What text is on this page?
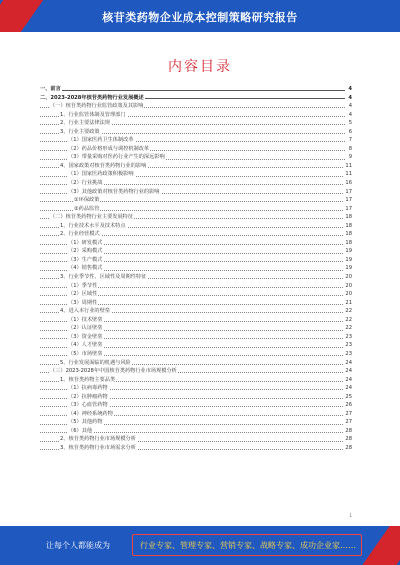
核苷类药物企业成本控制策略研究报告
内容目录
一、前言	4
二、2023-2028年核苷类药物行业发展概述	4
（一）核苷类药物行业监管政策及其影响	4
1、行业监管体制及管理部门	4
2、行业主要法律法规	5
3、行业主要政策	6
（1）国家医药卫生体制改革	7
（2）药品价格形成与调控机制改革	8
（3）带量采购对医药行业产生的深远影响	9
4、国家政策对核苷类药物行业的影响	11
（1）国家医药政策积极影响	11
（2）行业挑战	16
（3）其他政策对核苷类药物行业的影响	17
①环保政策	17
②药品监管	17
（二）核苷类药物行业主要发展特征	18
1、行业技术水平及技术特点	18
2、行业经营模式	18
（1）研发模式	18
（2）采购模式	19
（3）生产模式	19
（4）销售模式	19
3、行业季节性、区域性及周期性特征	20
（1）季节性	20
（2）区域性	20
（3）周期性	21
4、进入本行业的壁垒	22
（1）技术壁垒	22
（2）认证壁垒	22
（3）资金壁垒	23
（4）人才壁垒	23
（5）市场壁垒	23
5、行业发展面临的机遇与风险	24
（三）2023-2028年中国核苷类药物行业市场规模分析	24
1、核苷类药物主要品类	24
（1）抗病毒药物	24
（2）抗肿瘤药物	25
（3）心血管药物	26
（4）神经系统药物	27
（5）其他药物	27
（6）其他	28
2、核苷类药物行业市场规模分析	28
3、核苷类药物行业市场需求分析	28
1
让每个人都能成为	行业专家、管理专家、营销专家、战略专家、成功企业家……
